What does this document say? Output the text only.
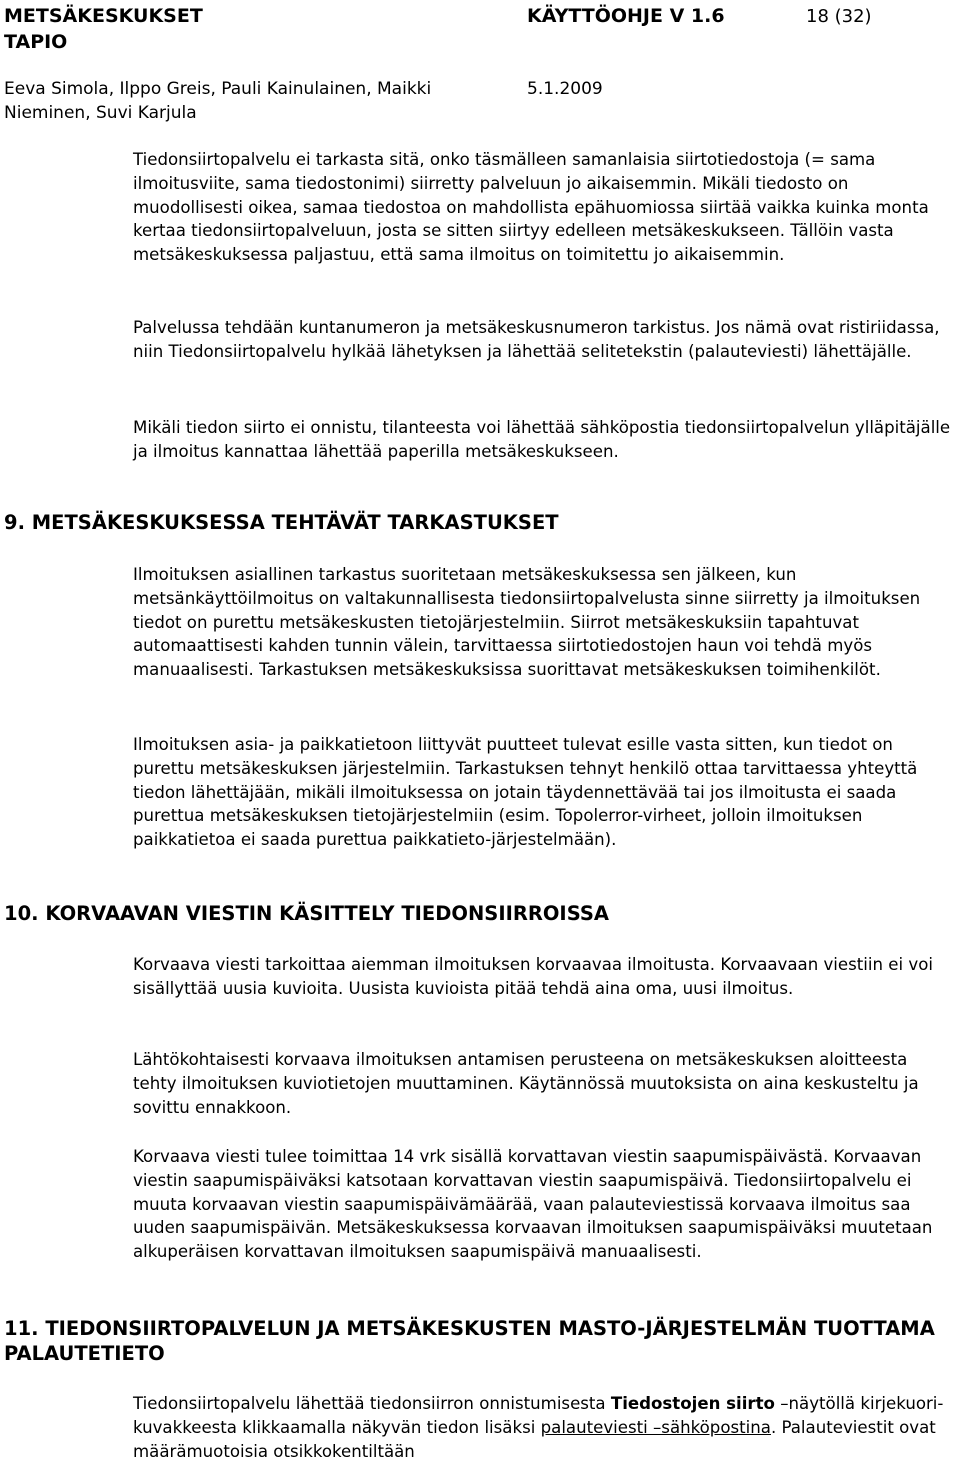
METSÄKESKUKSET	KÄYTTÖOHJE V 1.6	18 (32)
TAPIO
Eeva Simola, Ilppo Greis, Pauli Kainulainen, Maikki	5.1.2009
Nieminen, Suvi Karjula

Tiedonsiirtopalvelu ei tarkasta sitä, onko täsmälleen samanlaisia siirtotiedostoja (= sama ilmoitusviite, sama tiedostonimi) siirretty palveluun jo aikaisemmin. Mikäli tiedosto on muodollisesti oikea, samaa tiedostoa on mahdollista epähuomiossa siirtää vaikka kuinka monta kertaa tiedonsiirtopalveluun, josta se sitten siirtyy edelleen metsäkeskukseen. Tällöin vasta metsäkeskuksessa paljastuu, että sama ilmoitus on toimitettu jo aikaisemmin.

Palvelussa tehdään kuntanumeron ja metsäkeskusnumeron tarkistus. Jos nämä ovat ristiriidassa, niin Tiedonsiirtopalvelu hylkää lähetyksen ja lähettää selitetekstin (palauteviesti) lähettäjälle.

Mikäli tiedon siirto ei onnistu, tilanteesta voi lähettää sähköpostia tiedonsiirtopalvelun ylläpitäjälle ja ilmoitus kannattaa lähettää paperilla metsäkeskukseen.

9. METSÄKESKUKSESSA TEHTÄVÄT TARKASTUKSET

Ilmoituksen asiallinen tarkastus suoritetaan metsäkeskuksessa sen jälkeen, kun metsänkäyttöilmoitus on valtakunnallisesta tiedonsiirtopalvelusta sinne siirretty ja ilmoituksen tiedot on purettu metsäkeskusten tietojärjestelmiin. Siirrot metsäkeskuksiin tapahtuvat automaattisesti kahden tunnin välein, tarvittaessa siirtotiedostojen haun voi tehdä myös manuaalisesti. Tarkastuksen metsäkeskuksissa suorittavat metsäkeskuksen toimihenkilöt.

Ilmoituksen asia- ja paikkatietoon liittyvät puutteet tulevat esille vasta sitten, kun tiedot on purettu metsäkeskuksen järjestelmiin. Tarkastuksen tehnyt henkilö ottaa tarvittaessa yhteyttä tiedon lähettäjään, mikäli ilmoituksessa on jotain täydennettävää tai jos ilmoitusta ei saada purettua metsäkeskuksen tietojärjestelmiin (esim. Topolerror-virheet, jolloin ilmoituksen paikkatietoa ei saada purettua paikkatieto-järjestelmään).

10. KORVAAVAN VIESTIN KÄSITTELY TIEDONSIIRROISSA

Korvaava viesti tarkoittaa aiemman ilmoituksen korvaavaa ilmoitusta. Korvaavaan viestiin ei voi sisällyttää uusia kuvioita. Uusista kuvioista pitää tehdä aina oma, uusi ilmoitus.

Lähtökohtaisesti korvaava ilmoituksen antamisen perusteena on metsäkeskuksen aloitteesta tehty ilmoituksen kuviotietojen muuttaminen. Käytännössä muutoksista on aina keskusteltu ja sovittu ennakkoon.

Korvaava viesti tulee toimittaa 14 vrk sisällä korvattavan viestin saapumispäivästä. Korvaavan viestin saapumispäiväksi katsotaan korvattavan viestin saapumispäivä. Tiedonsiirtopalvelu ei muuta korvaavan viestin saapumispäivämäärää, vaan palauteviestissä korvaava ilmoitus saa uuden saapumispäivän. Metsäkeskuksessa korvaavan ilmoituksen saapumispäiväksi muutetaan alkuperäisen korvattavan ilmoituksen saapumispäivä manuaalisesti.

11. TIEDONSIIRTOPALVELUN JA METSÄKESKUSTEN MASTO-JÄRJESTELMÄN TUOTTAMA PALAUTETIETO

Tiedonsiirtopalvelu lähettää tiedonsiirron onnistumisesta Tiedostojen siirto –näytöllä kirjekuori-kuvakkeesta klikkaamalla näkyvän tiedon lisäksi palauteviesti –sähköpostina. Palauteviestit ovat määrämuotoisia otsikkokentiltään
